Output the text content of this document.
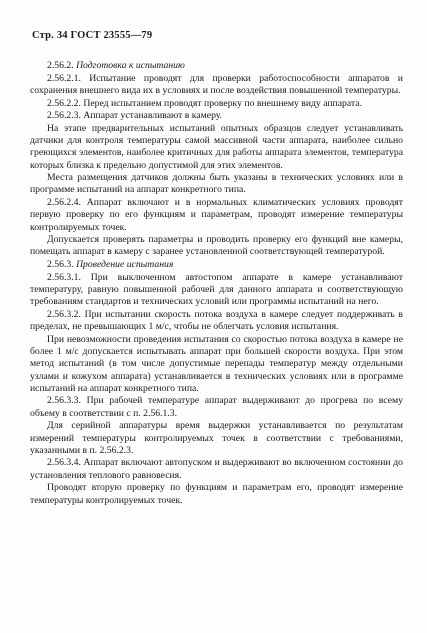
Стр. 34 ГОСТ 23555—79

2.56.2. Подготовка к испытанию

2.56.2.1. Испытание проводят для проверки работоспособности аппаратов и сохранения внешнего вида их в условиях и после воздействия повышенной температуры.

2.56.2.2. Перед испытанием проводят проверку по внешнему виду аппарата.

2.56.2.3. Аппарат устанавливают в камеру.

На этапе предварительных испытаний опытных образцов следует устанавливать датчики для контроля температуры самой массивной части аппарата, наиболее сильно греющихся элементов, наиболее критичных для работы аппарата элементов, температура которых близка к предельно допустимой для этих элементов.

Места размещения датчиков должны быть указаны в технических условиях или в программе испытаний на аппарат конкретного типа.

2.56.2.4. Аппарат включают и в нормальных климатических условиях проводят первую проверку по его функциям и параметрам, проводят измерение температуры контролируемых точек.

Допускается проверять параметры и проводить проверку его функций вне камеры, помещать аппарат в камеру с заранее установленной соответствующей температурой.

2.56.3. Проведение испытания

2.56.3.1. При выключенном автостопом аппарате в камере устанавливают температуру, равную повышенной рабочей для данного аппарата и соответствующую требованиям стандартов и технических условий или программы испытаний на него.

2.56.3.2. При испытании скорость потока воздуха в камере следует поддерживать в пределах, не превышающих 1 м/с, чтобы не облегчать условия испытания.

При невозможности проведения испытания со скоростью потока воздуха в камере не более 1 м/с допускается испытывать аппарат при большей скорости воздуха. При этом метод испытаний (в том числе допустимые перепады температур между отдельными узлами и кожухом аппарата) устанавливается в технических условиях или в программе испытаний на аппарат конкретного типа.

2.56.3.3. При рабочей температуре аппарат выдерживают до прогрева по всему объему в соответствии с п. 2.56.1.3.

Для серийной аппаратуры время выдержки устанавливается по результатам измерений температуры контролируемых точек в соответствии с требованиями, указанными в п. 2.56.2.3.

2.56.3.4. Аппарат включают автопуском и выдерживают во включенном состоянии до установления теплового равновесия.

Проводят вторую проверку по функциям и параметрам его, проводят измерение температуры контролируемых точек.
